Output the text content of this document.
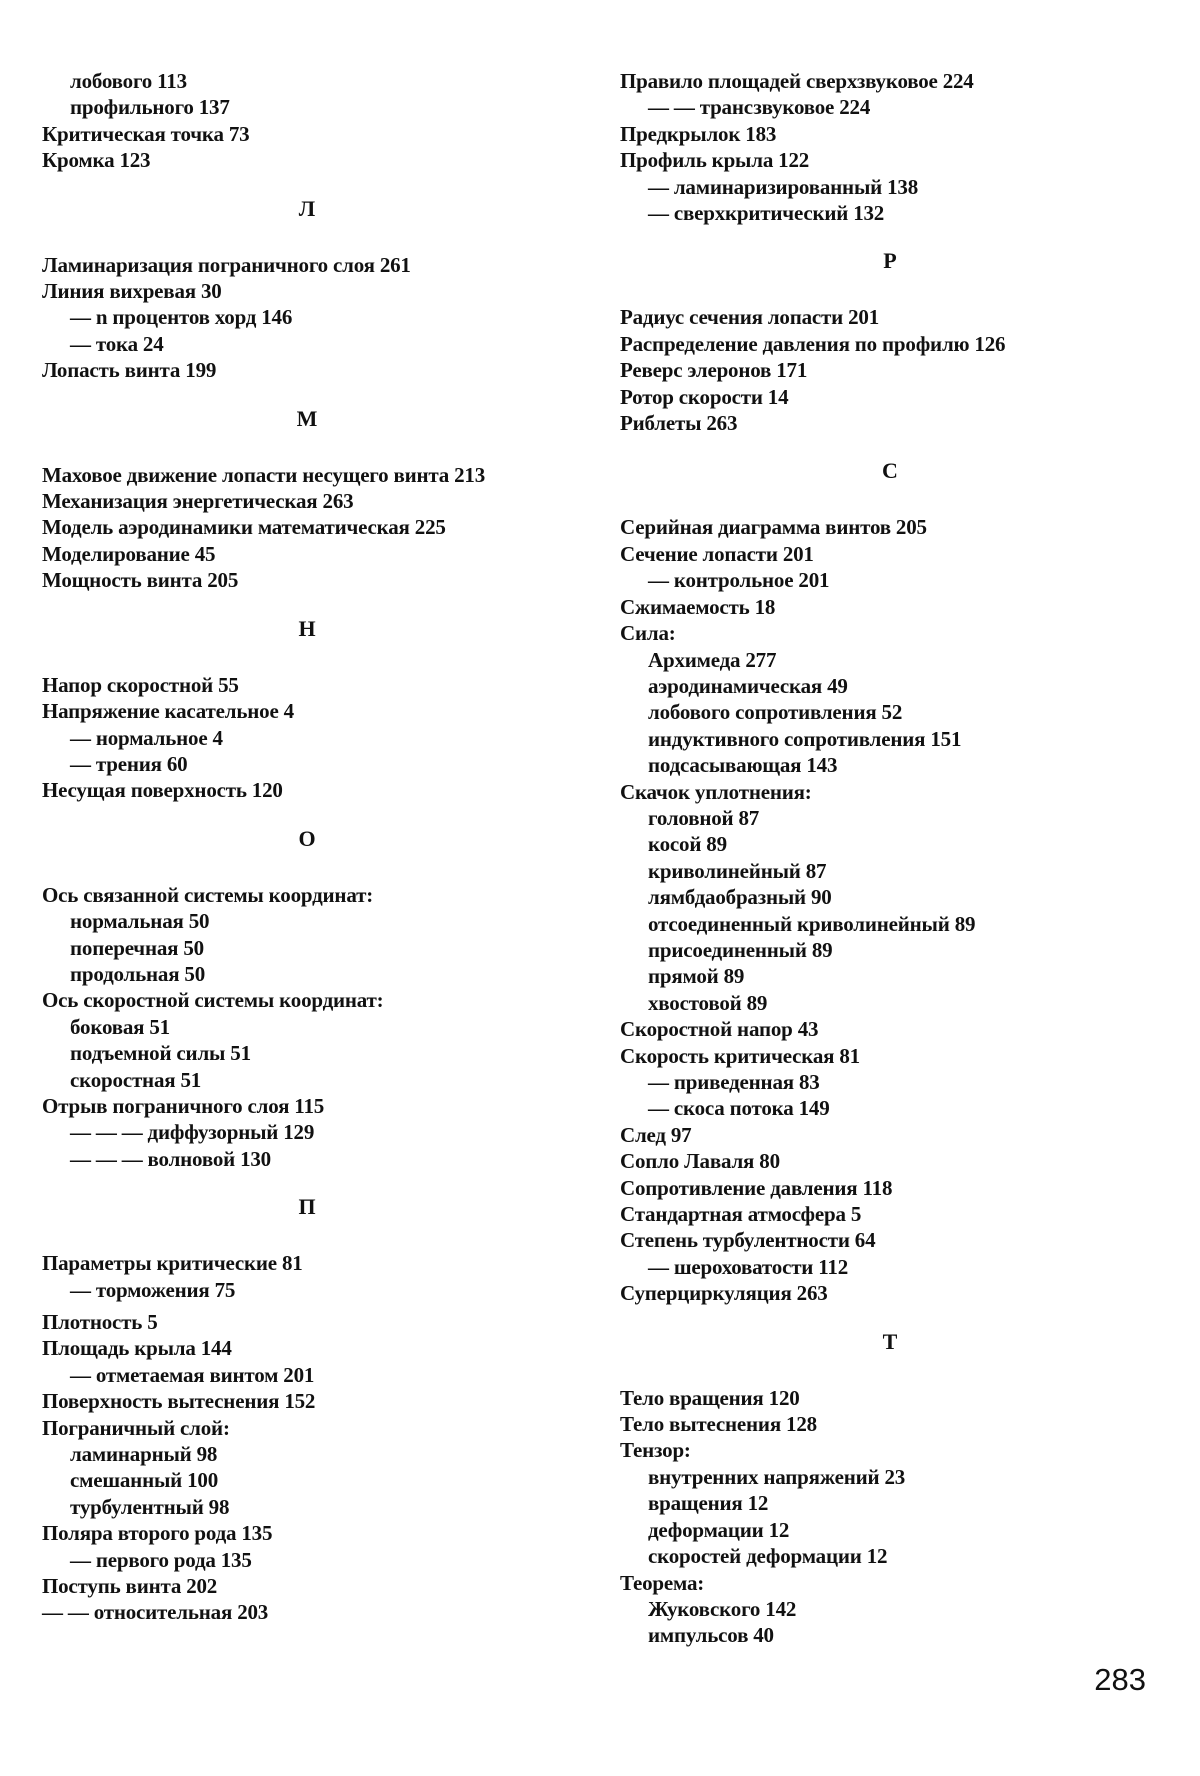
лобового 113
профильного 137
Критическая точка 73
Кромка 123
Л
Ламинаризация пограничного слоя 261
Линия вихревая 30
— n процентов хорд 146
— тока 24
Лопасть винта 199
М
Маховое движение лопасти несущего винта 213
Механизация энергетическая 263
Модель аэродинамики математическая 225
Моделирование 45
Мощность винта 205
Н
Напор скоростной 55
Напряжение касательное 4
— нормальное 4
— трения 60
Несущая поверхность 120
О
Ось связанной системы координат:
нормальная 50
поперечная 50
продольная 50
Ось скоростной системы координат:
боковая 51
подъемной силы 51
скоростная 51
Отрыв пограничного слоя 115
— — — диффузорный 129
— — — волновой 130
П
Параметры критические 81
— торможения 75
Плотность 5
Площадь крыла 144
— отметаемая винтом 201
Поверхность вытеснения 152
Пограничный слой:
ламинарный 98
смешанный 100
турбулентный 98
Поляра второго рода 135
— первого рода 135
Поступь винта 202
— — относительная 203
Правило площадей сверхзвуковое 224
— — трансзвуковое 224
Предкрылок 183
Профиль крыла 122
— ламинаризированный 138
— сверхкритический 132
Р
Радиус сечения лопасти 201
Распределение давления по профилю 126
Реверс элеронов 171
Ротор скорости 14
Риблеты 263
С
Серийная диаграмма винтов 205
Сечение лопасти 201
— контрольное 201
Сжимаемость 18
Сила:
Архимеда 277
аэродинамическая 49
лобового сопротивления 52
индуктивного сопротивления 151
подсасывающая 143
Скачок уплотнения:
головной 87
косой 89
криволинейный 87
лямбдаобразный 90
отсоединенный криволинейный 89
присоединенный 89
прямой 89
хвостовой 89
Скоростной напор 43
Скорость критическая 81
— приведенная 83
— скоса потока 149
След 97
Сопло Лаваля 80
Сопротивление давления 118
Стандартная атмосфера 5
Степень турбулентности 64
— шероховатости 112
Суперциркуляция 263
Т
Тело вращения 120
Тело вытеснения 128
Тензор:
внутренних напряжений 23
вращения 12
деформации 12
скоростей деформации 12
Теорема:
Жуковского 142
импульсов 40
283
